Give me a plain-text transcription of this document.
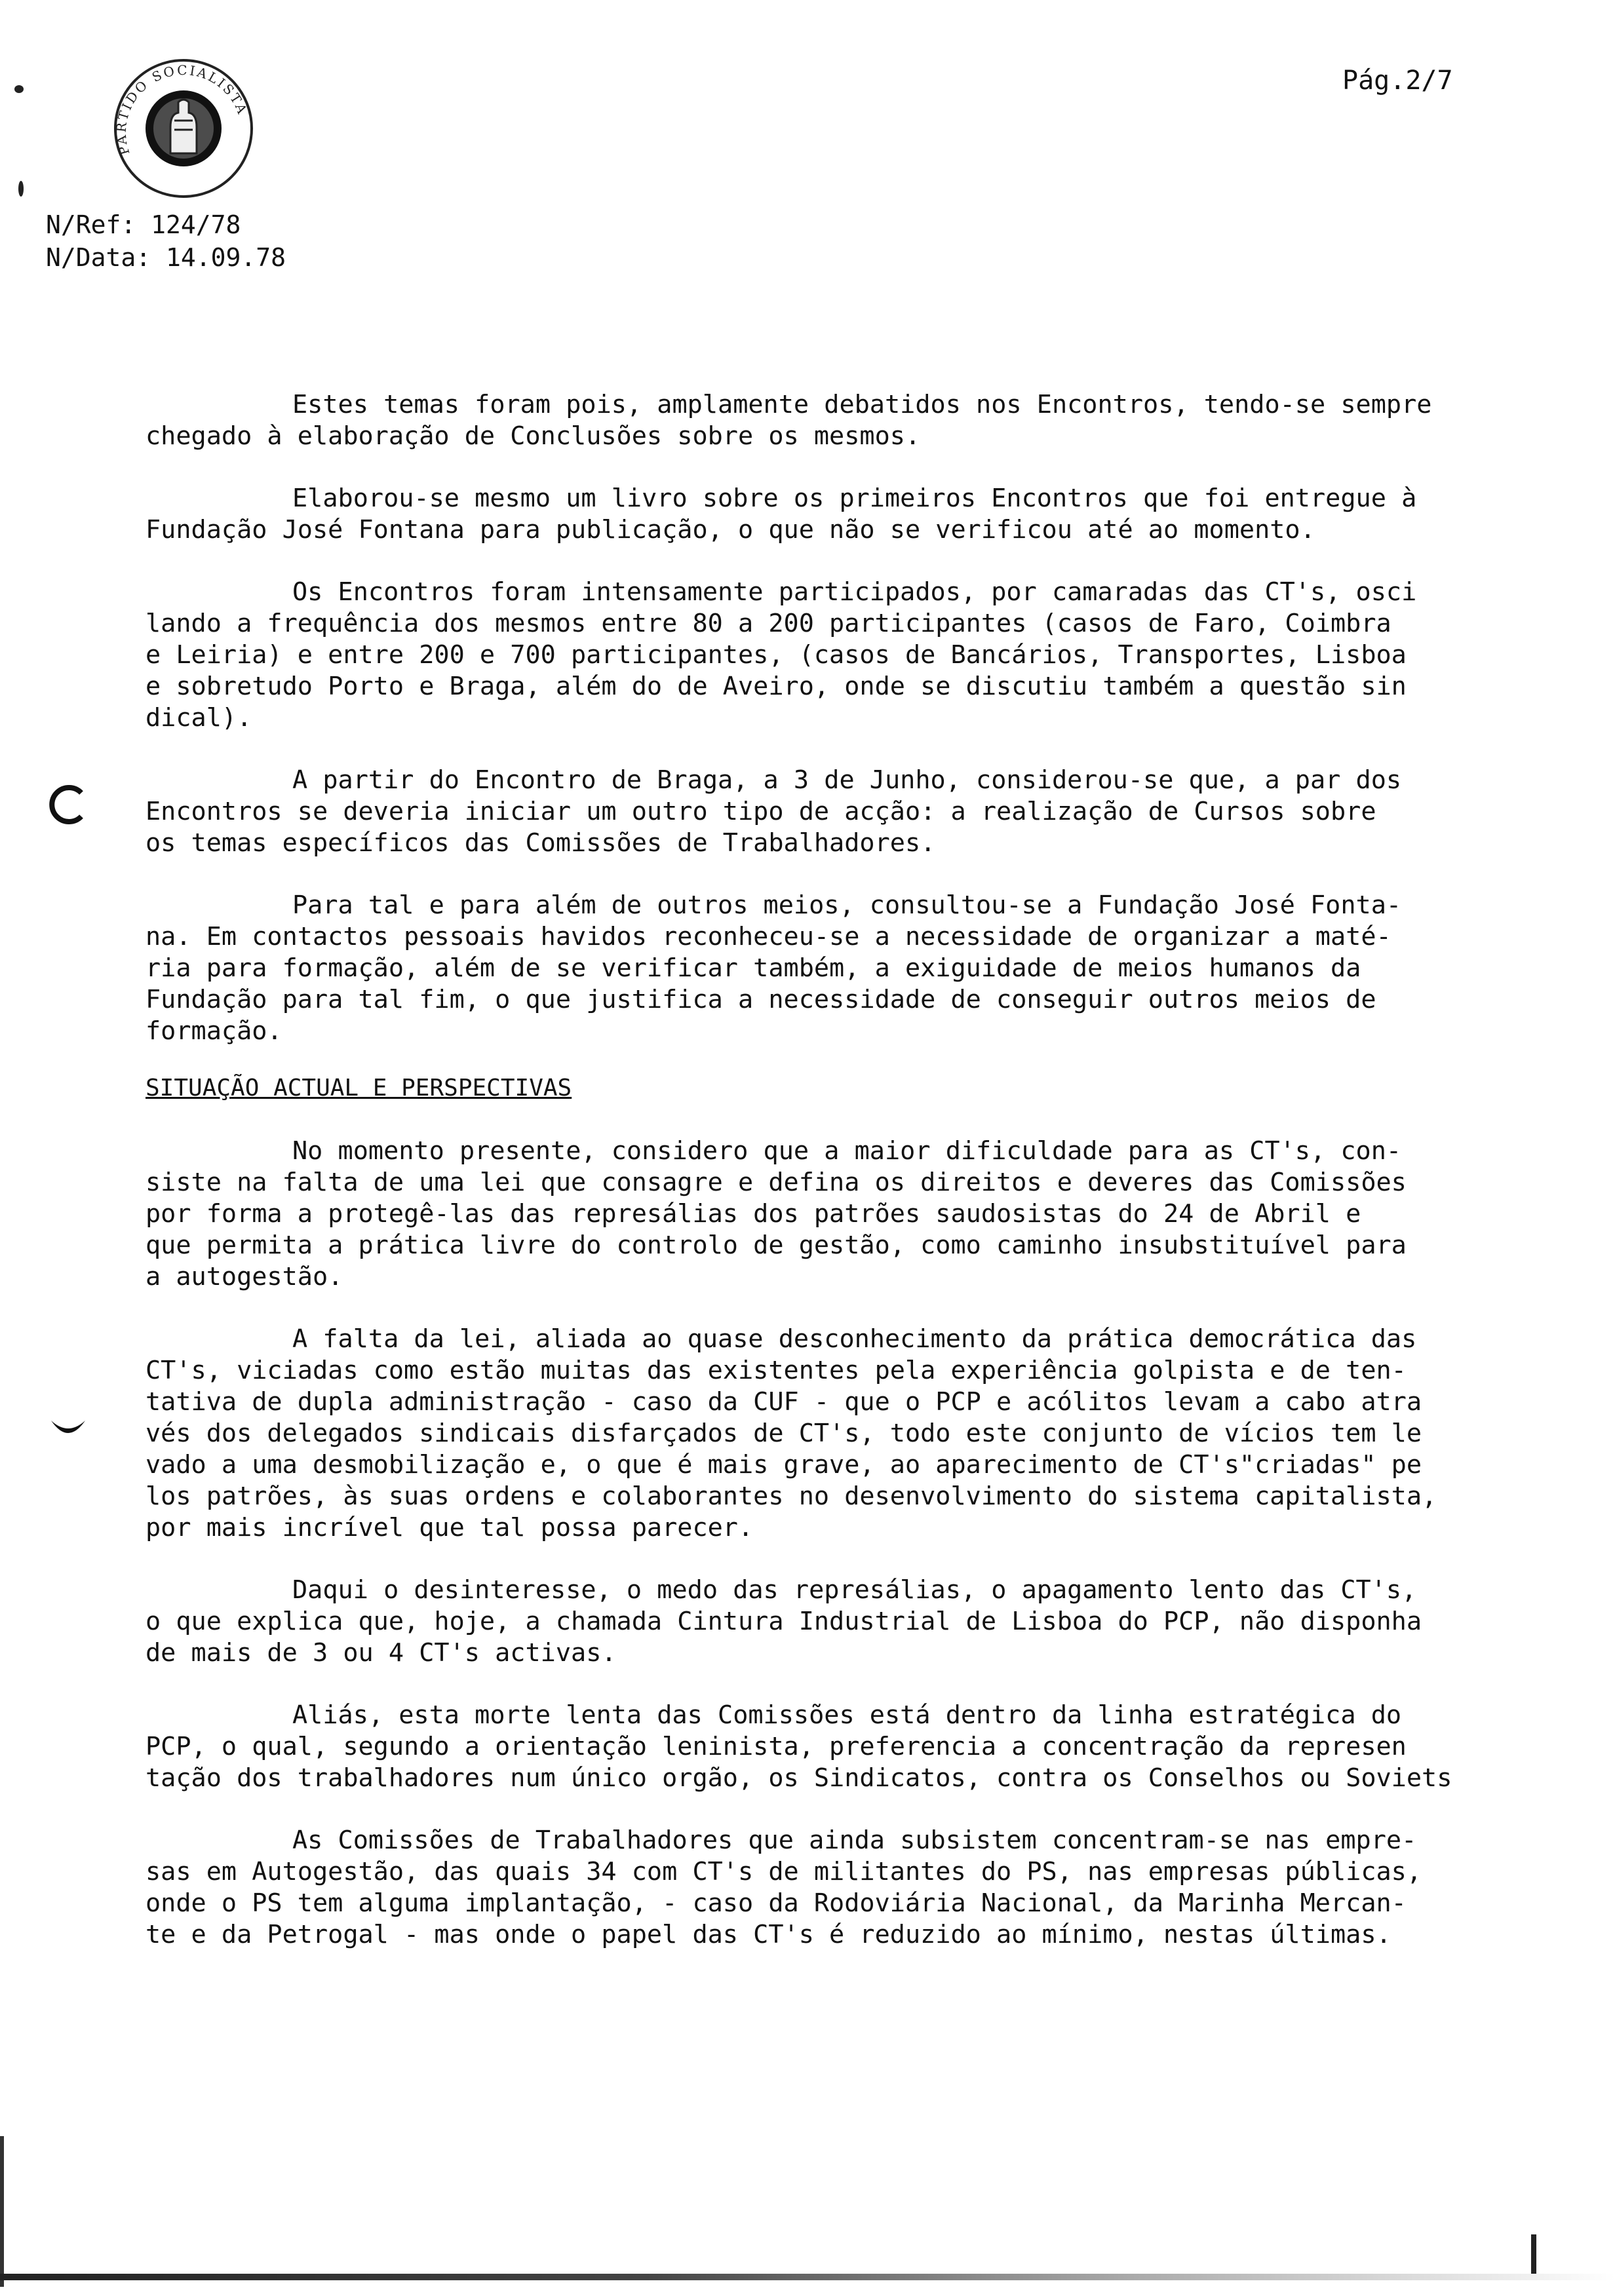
PARTIDO SOCIALISTA
N/Ref: 124/78
N/Data: 14.09.78
Pág.2/7
Estes temas foram pois, amplamente debatidos nos Encontros, tendo-se sempre
chegado à elaboração de Conclusões sobre os mesmos.
Elaborou-se mesmo um livro sobre os primeiros Encontros que foi entregue à
Fundação José Fontana para publicação, o que não se verificou até ao momento.
Os Encontros foram intensamente participados, por camaradas das CT's, osci
lando a frequência dos mesmos entre 80 a 200 participantes (casos de Faro, Coimbra
e Leiria) e entre 200 e 700 participantes, (casos de Bancários, Transportes, Lisboa
e sobretudo Porto e Braga, além do de Aveiro, onde se discutiu também a questão sin
dical).
A partir do Encontro de Braga, a 3 de Junho, considerou-se que, a par dos
Encontros se deveria iniciar um outro tipo de acção: a realização de Cursos sobre
os temas específicos das Comissões de Trabalhadores.
Para tal e para além de outros meios, consultou-se a Fundação José Fonta-
na. Em contactos pessoais havidos reconheceu-se a necessidade de organizar a maté-
ria para formação, além de se verificar também, a exiguidade de meios humanos da
Fundação para tal fim, o que justifica a necessidade de conseguir outros meios de
formação.
SITUAÇÃO ACTUAL E PERSPECTIVAS
No momento presente, considero que a maior dificuldade para as CT's, con-
siste na falta de uma lei que consagre e defina os direitos e deveres das Comissões
por forma a protegê-las das represálias dos patrões saudosistas do 24 de Abril e
que permita a prática livre do controlo de gestão, como caminho insubstituível para
a autogestão.
A falta da lei, aliada ao quase desconhecimento da prática democrática das
CT's, viciadas como estão muitas das existentes pela experiência golpista e de ten-
tativa de dupla administração - caso da CUF - que o PCP e acólitos levam a cabo atra
vés dos delegados sindicais disfarçados de CT's, todo este conjunto de vícios tem le
vado a uma desmobilização e, o que é mais grave, ao aparecimento de CT's"criadas" pe
los patrões, às suas ordens e colaborantes no desenvolvimento do sistema capitalista,
por mais incrível que tal possa parecer.
Daqui o desinteresse, o medo das represálias, o apagamento lento das CT's,
o que explica que, hoje, a chamada Cintura Industrial de Lisboa do PCP, não disponha
de mais de 3 ou 4 CT's activas.
Aliás, esta morte lenta das Comissões está dentro da linha estratégica do
PCP, o qual, segundo a orientação leninista, preferencia a concentração da represen
tação dos trabalhadores num único orgão, os Sindicatos, contra os Conselhos ou Soviets
As Comissões de Trabalhadores que ainda subsistem concentram-se nas empre-
sas em Autogestão, das quais 34 com CT's de militantes do PS, nas empresas públicas,
onde o PS tem alguma implantação, - caso da Rodoviária Nacional, da Marinha Mercan-
te e da Petrogal - mas onde o papel das CT's é reduzido ao mínimo, nestas últimas.
